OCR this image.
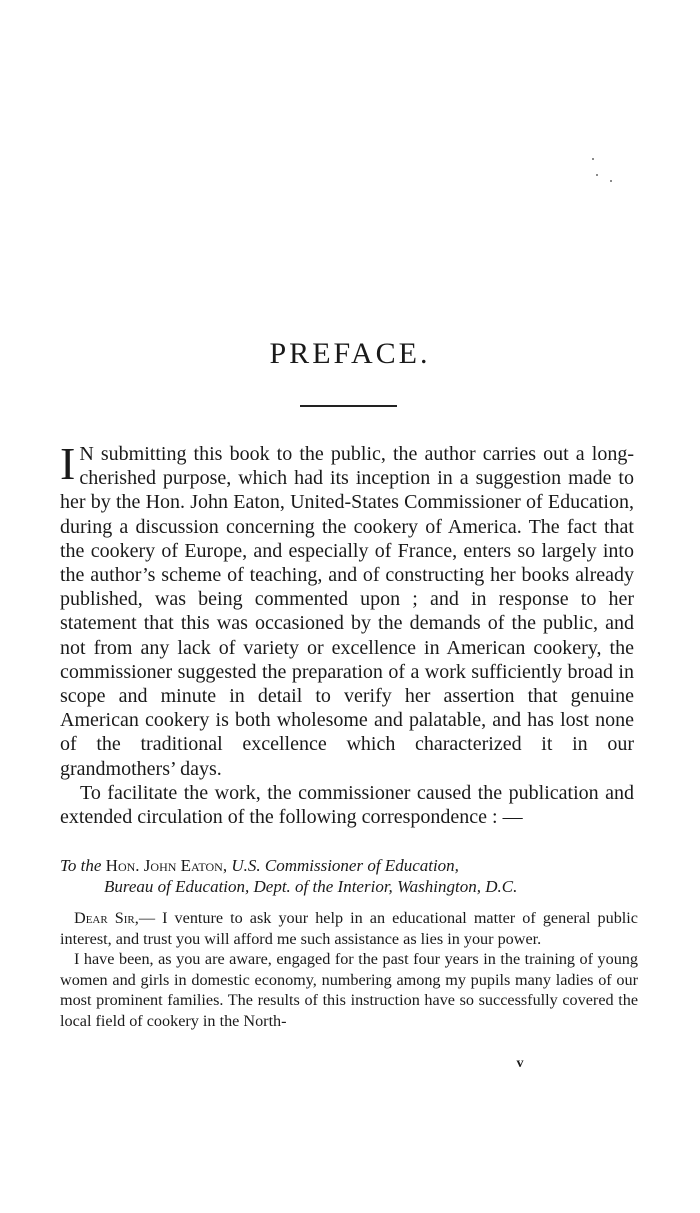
PREFACE.

I N submitting this book to the public, the author carries out a long-cherished purpose, which had its inception in a suggestion made to her by the Hon. John Eaton, United-States Commissioner of Education, during a discussion concerning the cookery of America. The fact that the cookery of Europe, and especially of France, enters so largely into the author’s scheme of teaching, and of constructing her books already published, was being commented upon ; and in response to her statement that this was occasioned by the demands of the public, and not from any lack of variety or excellence in American cookery, the commissioner suggested the preparation of a work sufficiently broad in scope and minute in detail to verify her assertion that genuine American cookery is both wholesome and palatable, and has lost none of the traditional excellence which characterized it in our grandmothers’ days.

To facilitate the work, the commissioner caused the publication and extended circulation of the following correspondence : —

To the Hon. John Eaton, U.S. Commissioner of Education,
Bureau of Education, Dept. of the Interior, Washington, D.C.

Dear Sir,— I venture to ask your help in an educational matter of general public interest, and trust you will afford me such assistance as lies in your power.

I have been, as you are aware, engaged for the past four years in the training of young women and girls in domestic economy, numbering among my pupils many ladies of our most prominent families. The results of this instruction have so successfully covered the local field of cookery in the North-

v
